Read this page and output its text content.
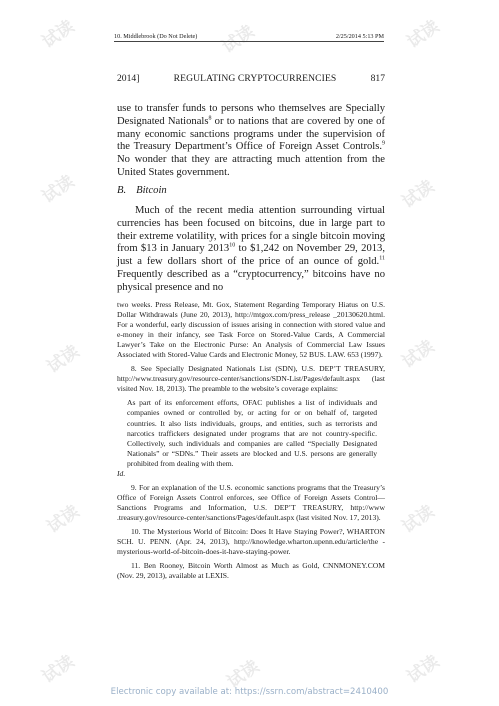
试读	试读	试读
试读	试读
试读	试读
试读	试读
试读	试读	试读
10. Middlebrook (Do Not Delete)	2/25/2014 5:13 PM
2014]	REGULATING CRYPTOCURRENCIES	817

use to transfer funds to persons who themselves are Specially Designated Nationals$^8$ or to nations that are covered by one of many economic sanctions programs under the supervision of the Treasury Department’s Office of Foreign Asset Controls.$^9$ No wonder that they are attracting much attention from the United States government.

B. Bitcoin

Much of the recent media attention surrounding virtual currencies has been focused on bitcoins, due in large part to their extreme volatility, with prices for a single bitcoin moving from $13 in January 2013$^{10}$ to $1,242 on November 29, 2013, just a few dollars short of the price of an ounce of gold.$^{11}$ Frequently described as a “cryptocurrency,” bitcoins have no physical presence and no

two weeks. Press Release, Mt. Gox, Statement Regarding Temporary Hiatus on U.S. Dollar Withdrawals (June 20, 2013), http://mtgox.com/press_release _20130620.html. For a wonderful, early discussion of issues arising in connection with stored value and e-money in their infancy, see Task Force on Stored-Value Cards, A Commercial Lawyer’s Take on the Electronic Purse: An Analysis of Commercial Law Issues Associated with Stored-Value Cards and Electronic Money, 52 BUS. LAW. 653 (1997).

8. See Specially Designated Nationals List (SDN), U.S. DEP’T TREASURY, http://www.treasury.gov/resource-center/sanctions/SDN-List/Pages/default.aspx (last visited Nov. 18, 2013). The preamble to the website’s coverage explains:

As part of its enforcement efforts, OFAC publishes a list of individuals and companies owned or controlled by, or acting for or on behalf of, targeted countries. It also lists individuals, groups, and entities, such as terrorists and narcotics traffickers designated under programs that are not country-specific. Collectively, such individuals and companies are called “Specially Designated Nationals” or “SDNs.” Their assets are blocked and U.S. persons are generally prohibited from dealing with them.

Id.

9. For an explanation of the U.S. economic sanctions programs that the Treasury’s Office of Foreign Assets Control enforces, see Office of Foreign Assets Control—Sanctions Programs and Information, U.S. DEP’T TREASURY, http://www .treasury.gov/resource-center/sanctions/Pages/default.aspx (last visited Nov. 17, 2013).

10. The Mysterious World of Bitcoin: Does It Have Staying Power?, WHARTON SCH. U. PENN. (Apr. 24, 2013), http://knowledge.wharton.upenn.edu/article/the -mysterious-world-of-bitcoin-does-it-have-staying-power.

11. Ben Rooney, Bitcoin Worth Almost as Much as Gold, CNNMONEY.COM (Nov. 29, 2013), available at LEXIS.

Electronic copy available at: https://ssrn.com/abstract=2410400
